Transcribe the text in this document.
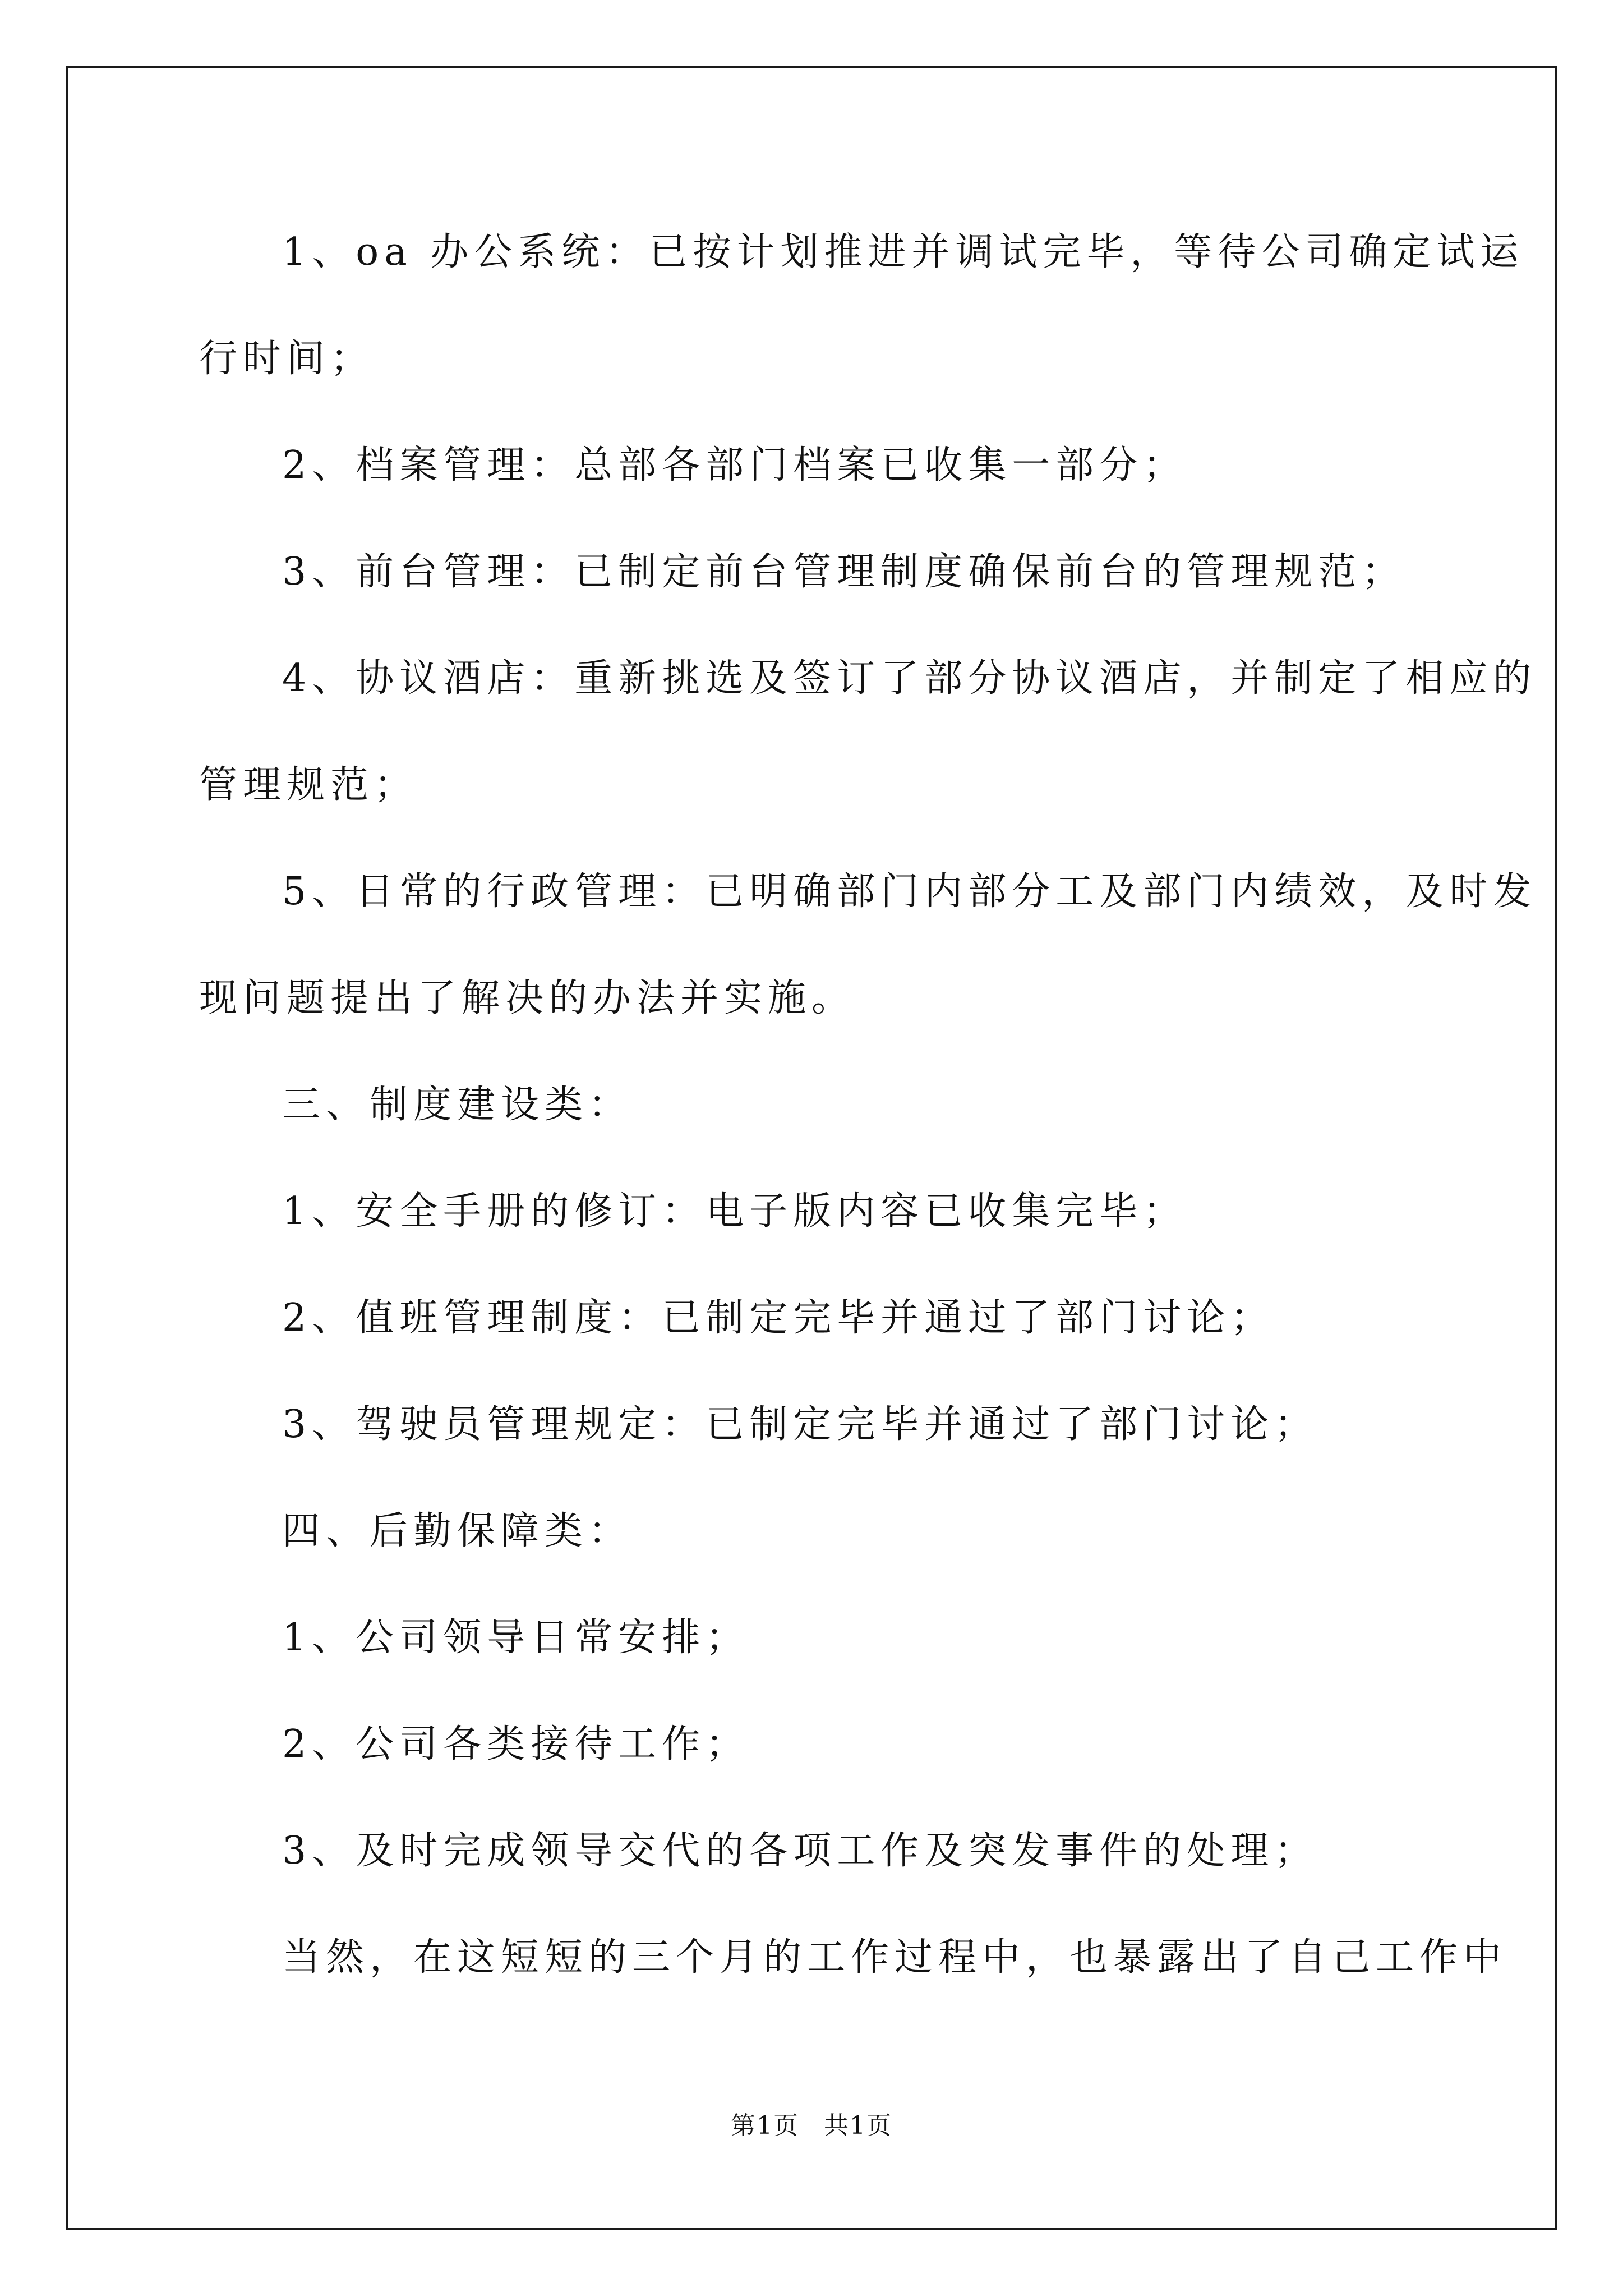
1、oa 办公系统：已按计划推进并调试完毕，等待公司确定试运
行时间；
2、档案管理：总部各部门档案已收集一部分；
3、前台管理：已制定前台管理制度确保前台的管理规范；
4、协议酒店：重新挑选及签订了部分协议酒店，并制定了相应的
管理规范；
5、日常的行政管理：已明确部门内部分工及部门内绩效，及时发
现问题提出了解决的办法并实施。
三、制度建设类：
1、安全手册的修订：电子版内容已收集完毕；
2、值班管理制度：已制定完毕并通过了部门讨论；
3、驾驶员管理规定：已制定完毕并通过了部门讨论；
四、后勤保障类：
1、公司领导日常安排；
2、公司各类接待工作；
3、及时完成领导交代的各项工作及突发事件的处理；
当然，在这短短的三个月的工作过程中，也暴露出了自己工作中
第1页 共1页
